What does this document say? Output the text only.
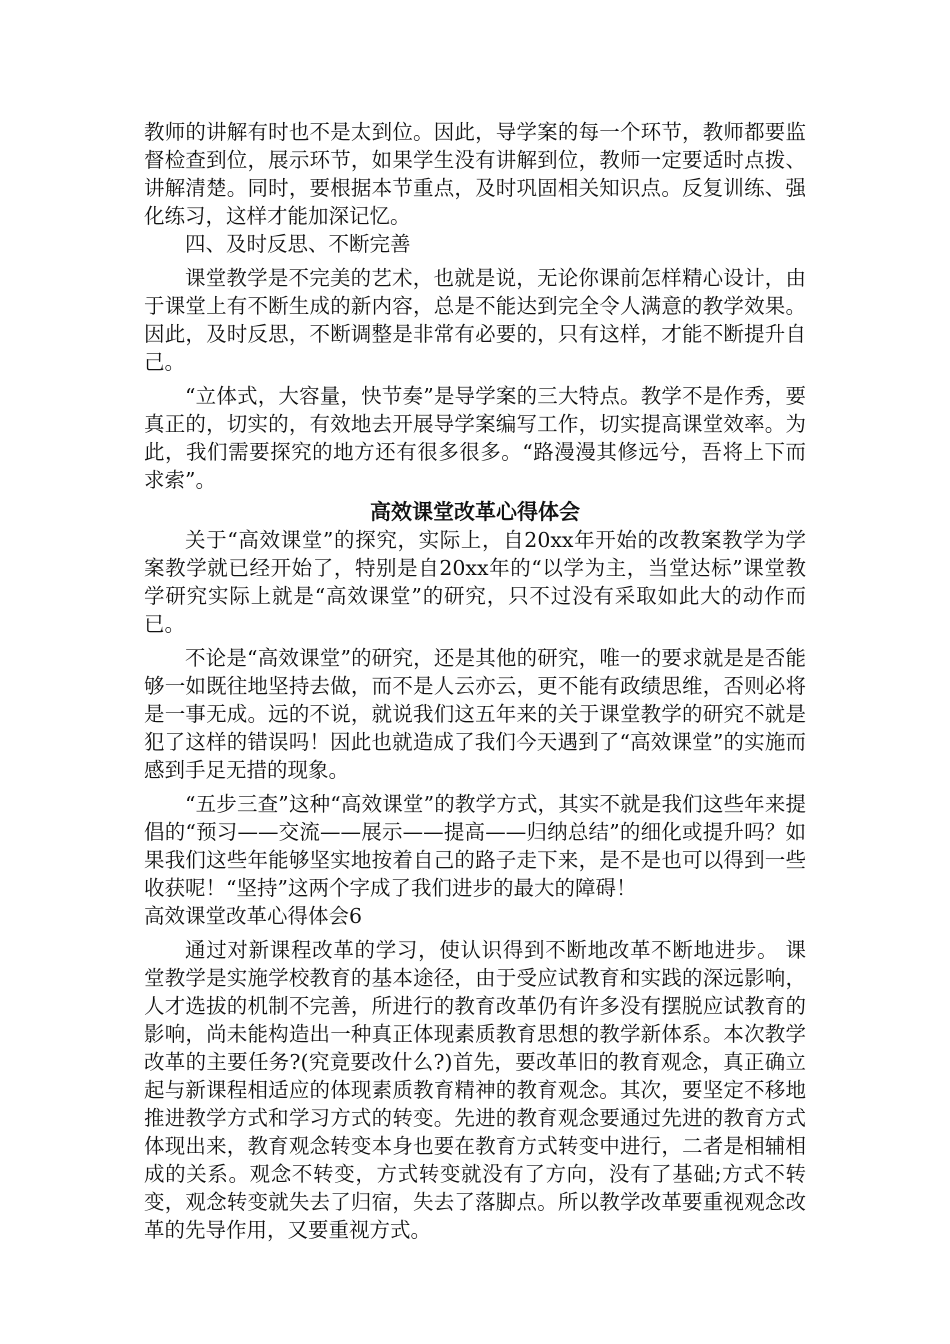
教师的讲解有时也不是太到位。因此，导学案的每一个环节，教师都要监督检查到位，展示环节，如果学生没有讲解到位，教师一定要适时点拨、讲解清楚。同时，要根据本节重点，及时巩固相关知识点。反复训练、强化练习，这样才能加深记忆。

四、及时反思、不断完善

课堂教学是不完美的艺术，也就是说，无论你课前怎样精心设计，由于课堂上有不断生成的新内容，总是不能达到完全令人满意的教学效果。因此，及时反思，不断调整是非常有必要的，只有这样，才能不断提升自己。

“立体式，大容量，快节奏”是导学案的三大特点。教学不是作秀，要真正的，切实的，有效地去开展导学案编写工作，切实提高课堂效率。为此，我们需要探究的地方还有很多很多。“路漫漫其修远兮，吾将上下而求索”。

高效课堂改革心得体会

关于“高效课堂”的探究，实际上，自20xx年开始的改教案教学为学案教学就已经开始了，特别是自20xx年的“以学为主，当堂达标”课堂教学研究实际上就是“高效课堂”的研究，只不过没有采取如此大的动作而已。

不论是“高效课堂”的研究，还是其他的研究，唯一的要求就是是否能够一如既往地坚持去做，而不是人云亦云，更不能有政绩思维，否则必将是一事无成。远的不说，就说我们这五年来的关于课堂教学的研究不就是犯了这样的错误吗！因此也就造成了我们今天遇到了“高效课堂”的实施而感到手足无措的现象。

“五步三查”这种“高效课堂”的教学方式，其实不就是我们这些年来提倡的“预习——交流——展示——提高——归纳总结”的细化或提升吗？如果我们这些年能够坚实地按着自己的路子走下来，是不是也可以得到一些收获呢！“坚持”这两个字成了我们进步的最大的障碍！

高效课堂改革心得体会6

通过对新课程改革的学习，使认识得到不断地改革不断地进步。 课堂教学是实施学校教育的基本途径，由于受应试教育和实践的深远影响，人才选拔的机制不完善，所进行的教育改革仍有许多没有摆脱应试教育的影响，尚未能构造出一种真正体现素质教育思想的教学新体系。本次教学改革的主要任务?(究竟要改什么?)首先，要改革旧的教育观念，真正确立起与新课程相适应的体现素质教育精神的教育观念。其次，要坚定不移地推进教学方式和学习方式的转变。先进的教育观念要通过先进的教育方式体现出来，教育观念转变本身也要在教育方式转变中进行，二者是相辅相成的关系。观念不转变，方式转变就没有了方向，没有了基础;方式不转变，观念转变就失去了归宿，失去了落脚点。所以教学改革要重视观念改革的先导作用，又要重视方式。
